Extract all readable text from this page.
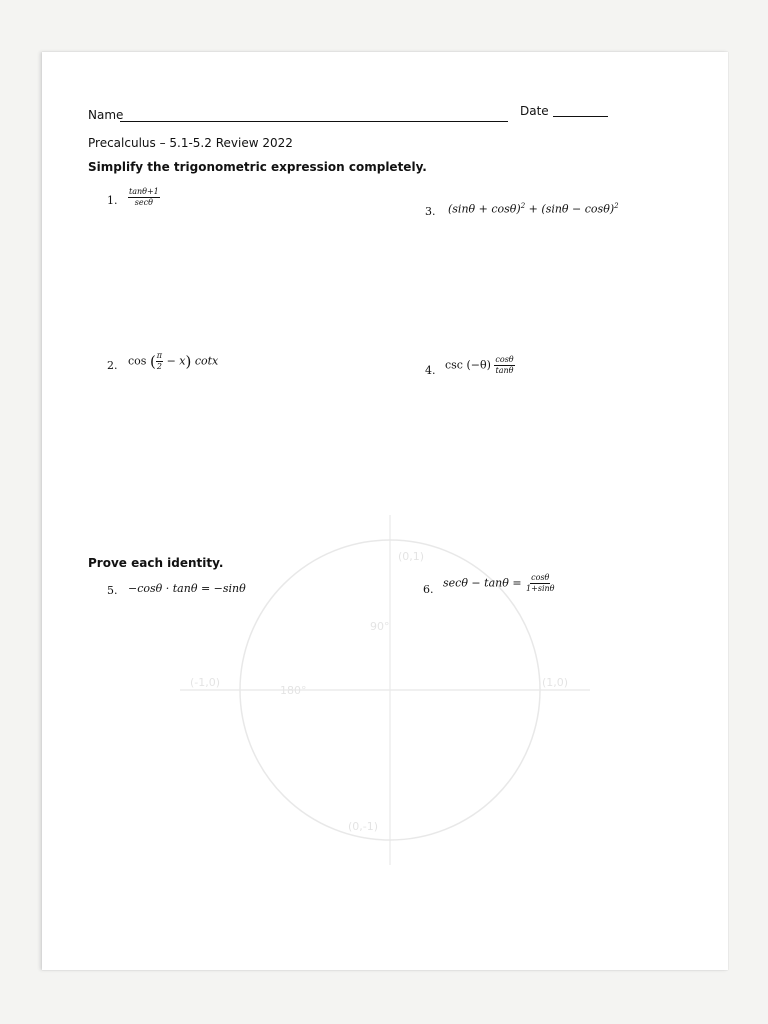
(0,1)
90°
180°
(-1,0)	(1,0)
(0,-1)
Name	Date
Precalculus – 5.1-5.2 Review 2022
Simplify the trigonometric expression completely.
1. $\frac{\tan\theta+1}{\sec\theta}$
3. $(\sin\theta + \cos\theta)^2 + (\sin\theta - \cos\theta)^2$
2. cos ( $\frac{\pi}{2} - x$) cotx
4. $\csc (-\theta) \frac{\cos\theta}{\tan\theta}$
Prove each identity.
5. −cosθ · tanθ = −sinθ	6. $\sec\theta - \tan\theta = \frac{\cos\theta}{1+\sin\theta}$
